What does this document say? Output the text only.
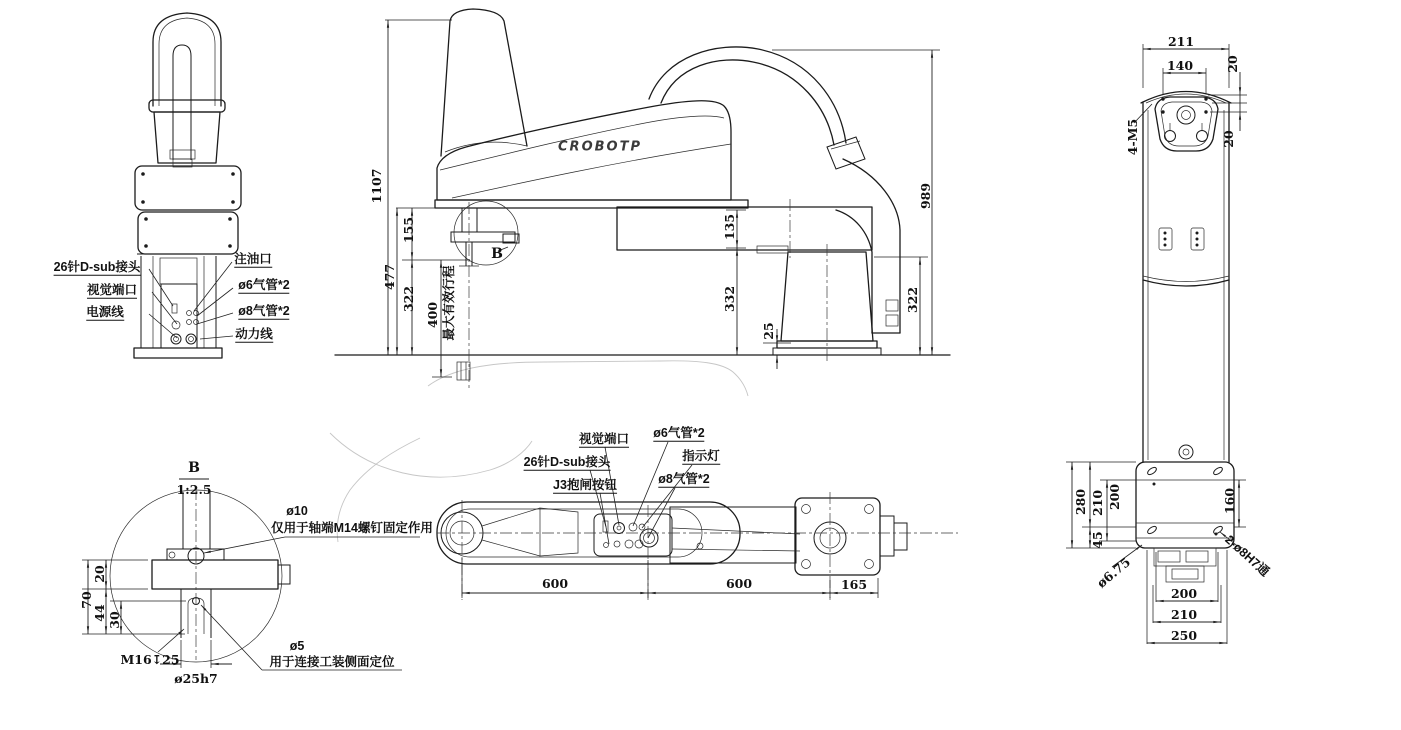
CROBOTP
26针D-sub接头
视觉端口
电源线
注油口
ø6气管*2
ø8气管*2
动力线
1107
155
477
322
400 最大有效行程
B
135
332
25
322
989
600	600	165
视觉端口
26针D-sub接头
J3抱闸按钮
ø6气管*2
指示灯
ø8气管*2
B
1:2.5
ø10
仅用于轴端M14螺钉固定作用
ø5
用于连接工装侧面定位
M16↧25
ø25h7
70
44 30
20
211
140	20
20
4-M5
280 210 200
45
160
2-ø8H7通
ø6.75
200
210
250
